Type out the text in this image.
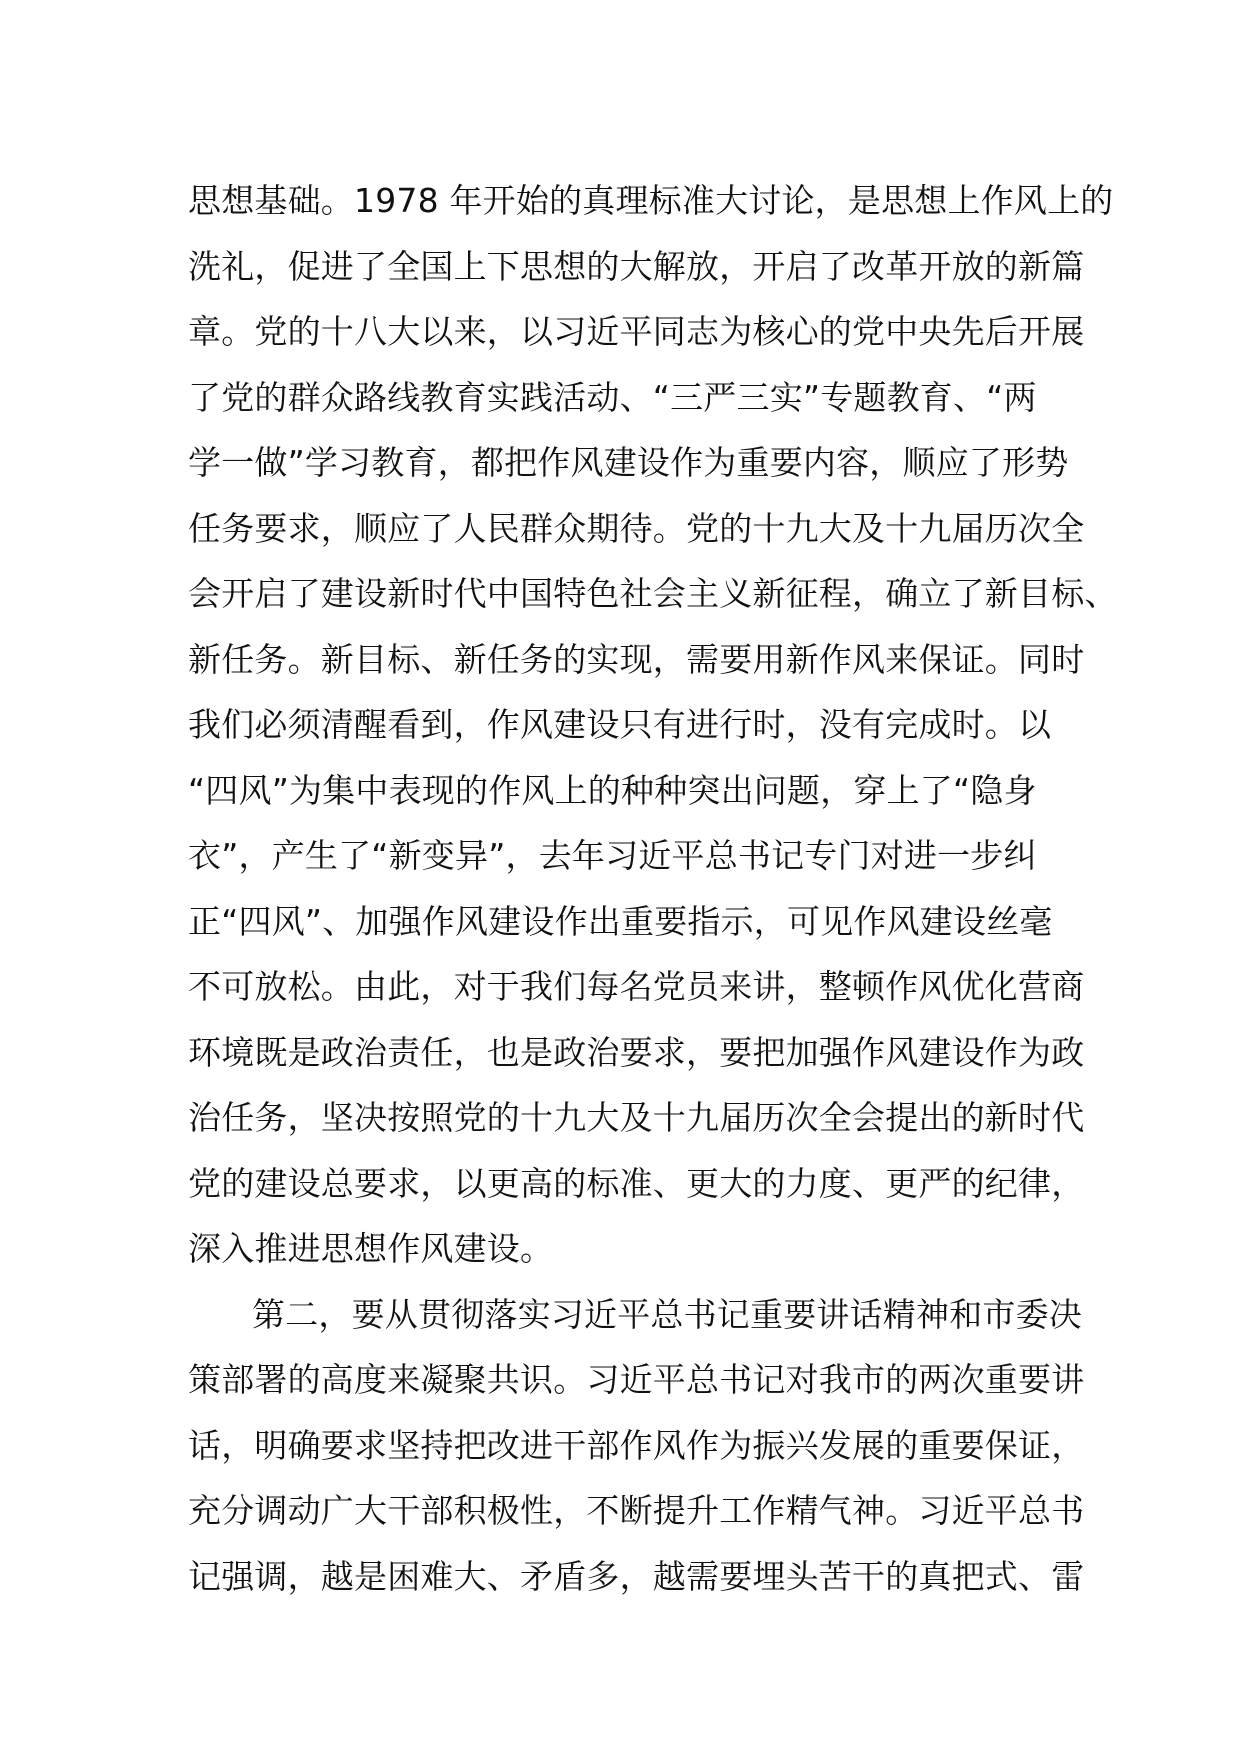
思想基础。1978 年开始的真理标准大讨论，是思想上作风上的
洗礼，促进了全国上下思想的大解放，开启了改革开放的新篇
章。党的十八大以来，以习近平同志为核心的党中央先后开展
了党的群众路线教育实践活动、“三严三实”专题教育、“两
学一做”学习教育，都把作风建设作为重要内容，顺应了形势
任务要求，顺应了人民群众期待。党的十九大及十九届历次全
会开启了建设新时代中国特色社会主义新征程，确立了新目标、
新任务。新目标、新任务的实现，需要用新作风来保证。同时
我们必须清醒看到，作风建设只有进行时，没有完成时。以
“四风”为集中表现的作风上的种种突出问题，穿上了“隐身
衣”，产生了“新变异”，去年习近平总书记专门对进一步纠
正“四风”、加强作风建设作出重要指示，可见作风建设丝毫
不可放松。由此，对于我们每名党员来讲，整顿作风优化营商
环境既是政治责任，也是政治要求，要把加强作风建设作为政
治任务，坚决按照党的十九大及十九届历次全会提出的新时代
党的建设总要求，以更高的标准、更大的力度、更严的纪律，
深入推进思想作风建设。
第二，要从贯彻落实习近平总书记重要讲话精神和市委决
策部署的高度来凝聚共识。习近平总书记对我市的两次重要讲
话，明确要求坚持把改进干部作风作为振兴发展的重要保证，
充分调动广大干部积极性，不断提升工作精气神。习近平总书
记强调，越是困难大、矛盾多，越需要埋头苦干的真把式、雷
